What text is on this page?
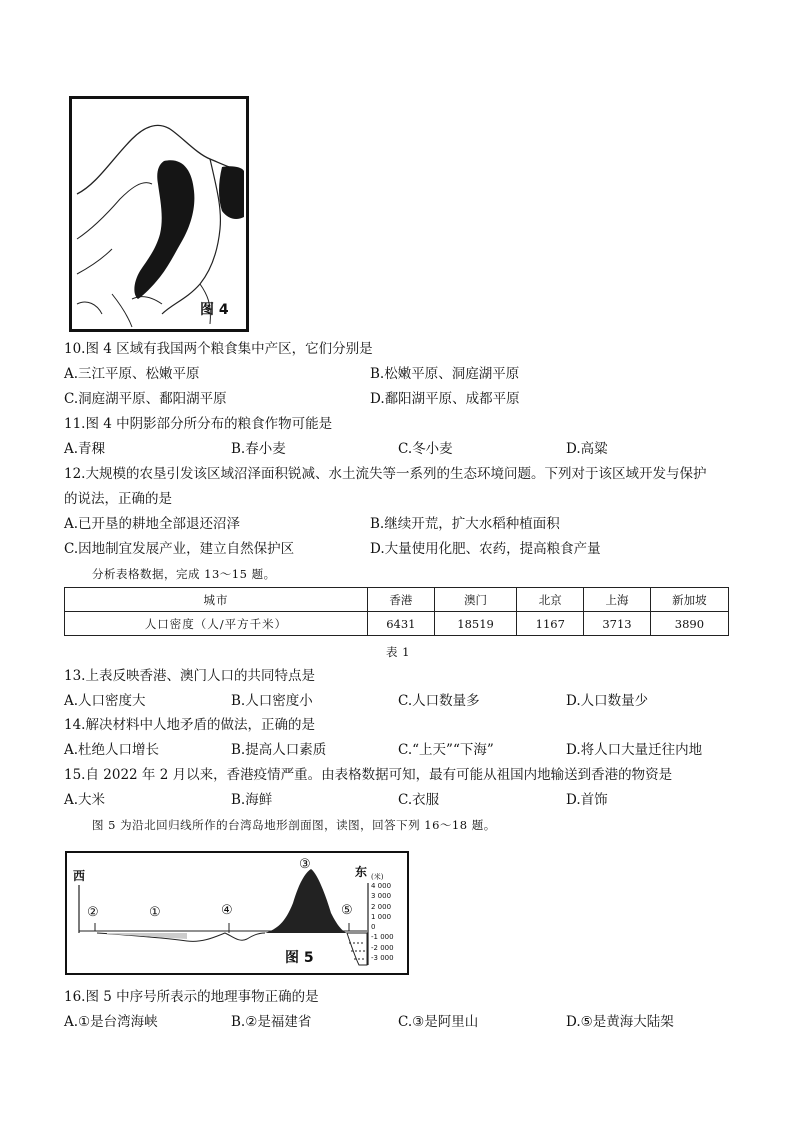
图 4
10.图 4 区域有我国两个粮食集中产区，它们分别是
A.三江平原、松嫩平原	B.松嫩平原、洞庭湖平原
C.洞庭湖平原、鄱阳湖平原	D.鄱阳湖平原、成都平原
11.图 4 中阴影部分所分布的粮食作物可能是
A.青稞	B.春小麦	C.冬小麦	D.高粱
12.大规模的农垦引发该区域沼泽面积锐减、水土流失等一系列的生态环境问题。下列对于该区域开发与保护
的说法，正确的是
A.已开垦的耕地全部退还沼泽	B.继续开荒，扩大水稻种植面积
C.因地制宜发展产业，建立自然保护区	D.大量使用化肥、农药，提高粮食产量
分析表格数据，完成 13～15 题。
城市	香港	澳门	北京	上海	新加坡
人口密度（人/平方千米）	6431	18519	1167	3713	3890
表 1
13.上表反映香港、澳门人口的共同特点是
A.人口密度大	B.人口密度小	C.人口数量多	D.人口数量少
14.解决材料中人地矛盾的做法，正确的是
A.杜绝人口增长	B.提高人口素质	C.“上天”“下海”	D.将人口大量迁往内地
15.自 2022 年 2 月以来，香港疫情严重。由表格数据可知，最有可能从祖国内地输送到香港的物资是
A.大米	B.海鲜	C.衣服	D.首饰
图 5 为沿北回归线所作的台湾岛地形剖面图，读图，回答下列 16～18 题。
西	东
②	①	④
③
⑤
(米)
4 000
3 000
2 000
1 000
0
-1 000
-2 000
-3 000
图 5
16.图 5 中序号所表示的地理事物正确的是
A.①是台湾海峡	B.②是福建省	C.③是阿里山	D.⑤是黄海大陆架
